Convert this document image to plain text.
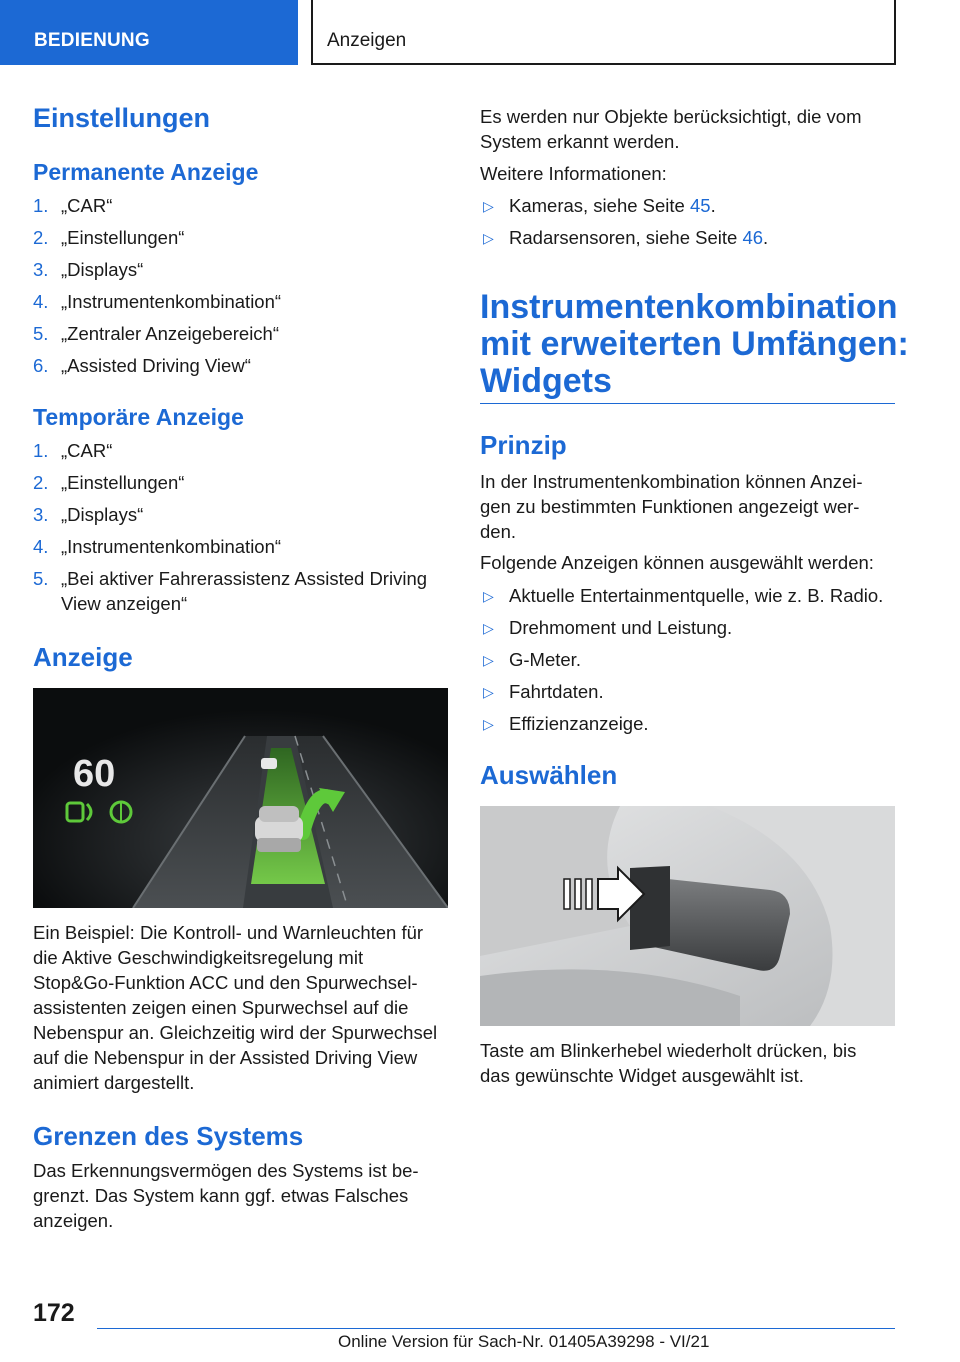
BEDIENUNG	Anzeigen
Einstellungen
Permanente Anzeige
1. „CAR“
2. „Einstellungen“
3. „Displays“
4. „Instrumentenkombination“
5. „Zentraler Anzeigebereich“
6. „Assisted Driving View“
Temporäre Anzeige
1. „CAR“
2. „Einstellungen“
3. „Displays“
4. „Instrumentenkombination“
5. „Bei aktiver Fahrerassistenz Assisted Driving
View anzeigen“
Anzeige
60
Ein Beispiel: Die Kontroll- und Warnleuchten für
die Aktive Geschwindigkeitsregelung mit
Stop&Go-Funktion ACC und den Spurwechsel-
assistenten zeigen einen Spurwechsel auf die
Nebenspur an. Gleichzeitig wird der Spurwechsel
auf die Nebenspur in der Assisted Driving View
animiert dargestellt.
Grenzen des Systems
Das Erkennungsvermögen des Systems ist be-
grenzt. Das System kann ggf. etwas Falsches
anzeigen.
Es werden nur Objekte berücksichtigt, die vom
System erkannt werden.
Weitere Informationen:
▷ Kameras, siehe Seite 45.
▷ Radarsensoren, siehe Seite 46.
Instrumentenkombination
mit erweiterten Umfängen:
Widgets
Prinzip
In der Instrumentenkombination können Anzei-
gen zu bestimmten Funktionen angezeigt wer-
den.
Folgende Anzeigen können ausgewählt werden:
▷ Aktuelle Entertainmentquelle, wie z. B. Radio.
▷ Drehmoment und Leistung.
▷ G-Meter.
▷ Fahrtdaten.
▷ Effizienzanzeige.
Auswählen
Taste am Blinkerhebel wiederholt drücken, bis
das gewünschte Widget ausgewählt ist.
172
Online Version für Sach-Nr. 01405A39298 - VI/21
